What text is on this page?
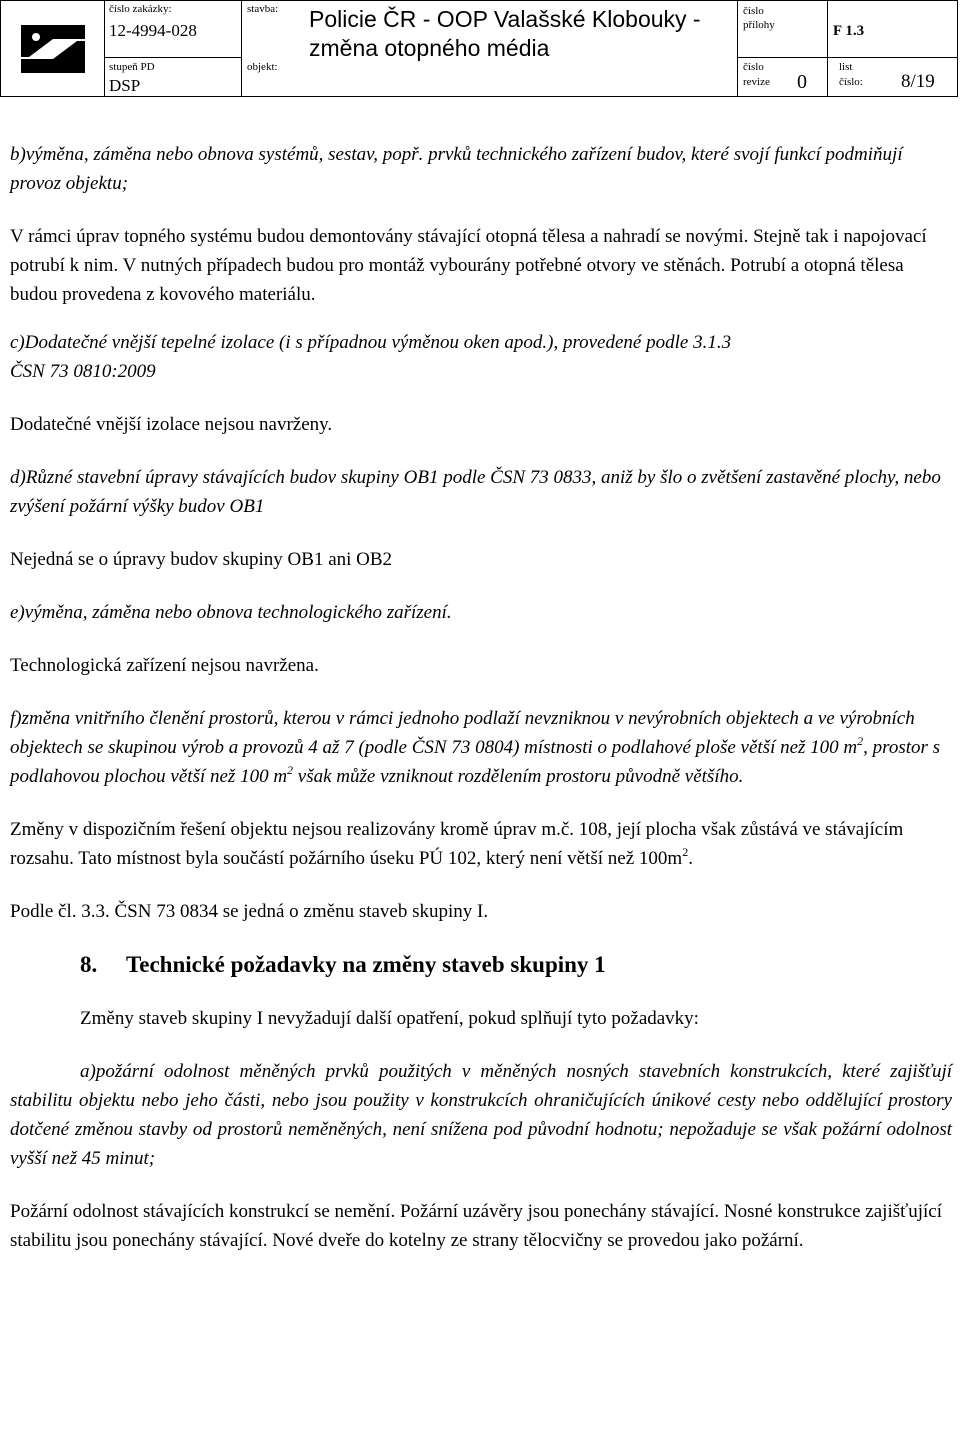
číslo zakázky:
12-4994-028
stavba: Policie ČR - OOP Valašské Klobouky -
změna otopného média
stupeň PD
DSP
objekt:
číslo
přílohy	F 1.3
číslo
revize 0
list
číslo: 8/19

b)výměna, záměna nebo obnova systémů, sestav, popř. prvků technického zařízení budov, které svojí funkcí podmiňují provoz objektu;

V rámci úprav topného systému budou demontovány stávající otopná tělesa a nahradí se novými. Stejně tak i napojovací potrubí k nim. V nutných případech budou pro montáž vybourány potřebné otvory ve stěnách. Potrubí a otopná tělesa budou provedena z kovového materiálu.

c)Dodatečné vnější tepelné izolace (i s případnou výměnou oken apod.), provedené podle 3.1.3

ČSN 73 0810:2009

Dodatečné vnější izolace nejsou navrženy.

d)Různé stavební úpravy stávajících budov skupiny OB1 podle ČSN 73 0833, aniž by šlo o zvětšení zastavěné plochy, nebo zvýšení požární výšky budov OB1

Nejedná se o úpravy budov skupiny OB1 ani OB2

e)výměna, záměna nebo obnova technologického zařízení.

Technologická zařízení nejsou navržena.

f)změna vnitřního členění prostorů, kterou v rámci jednoho podlaží nevzniknou v nevýrobních objektech a ve výrobních objektech se skupinou výrob a provozů 4 až 7 (podle ČSN 73 0804) místnosti o podlahové ploše větší než 100 $m^2$, prostor s podlahovou plochou větší než 100 $m^2$ však může vzniknout rozdělením prostoru původně většího.

Změny v dispozičním řešení objektu nejsou realizovány kromě úprav m.č. 108, její plocha však zůstává ve stávajícím rozsahu. Tato místnost byla součástí požárního úseku PÚ 102, který není větší než $100m^2$.

Podle čl. 3.3. ČSN 73 0834 se jedná o změnu staveb skupiny I.

8. Technické požadavky na změny staveb skupiny 1

Změny staveb skupiny I nevyžadují další opatření, pokud splňují tyto požadavky:

a)požární odolnost měněných prvků použitých v měněných nosných stavebních konstrukcích, které zajišťují stabilitu objektu nebo jeho části, nebo jsou použity v konstrukcích ohraničujících únikové cesty nebo oddělující prostory dotčené změnou stavby od prostorů neměněných, není snížena pod původní hodnotu; nepožaduje se však požární odolnost vyšší než 45 minut;

Požární odolnost stávajících konstrukcí se nemění. Požární uzávěry jsou ponechány stávající. Nosné konstrukce zajišťující stabilitu jsou ponechány stávající. Nové dveře do kotelny ze strany tělocvičny se provedou jako požární.
